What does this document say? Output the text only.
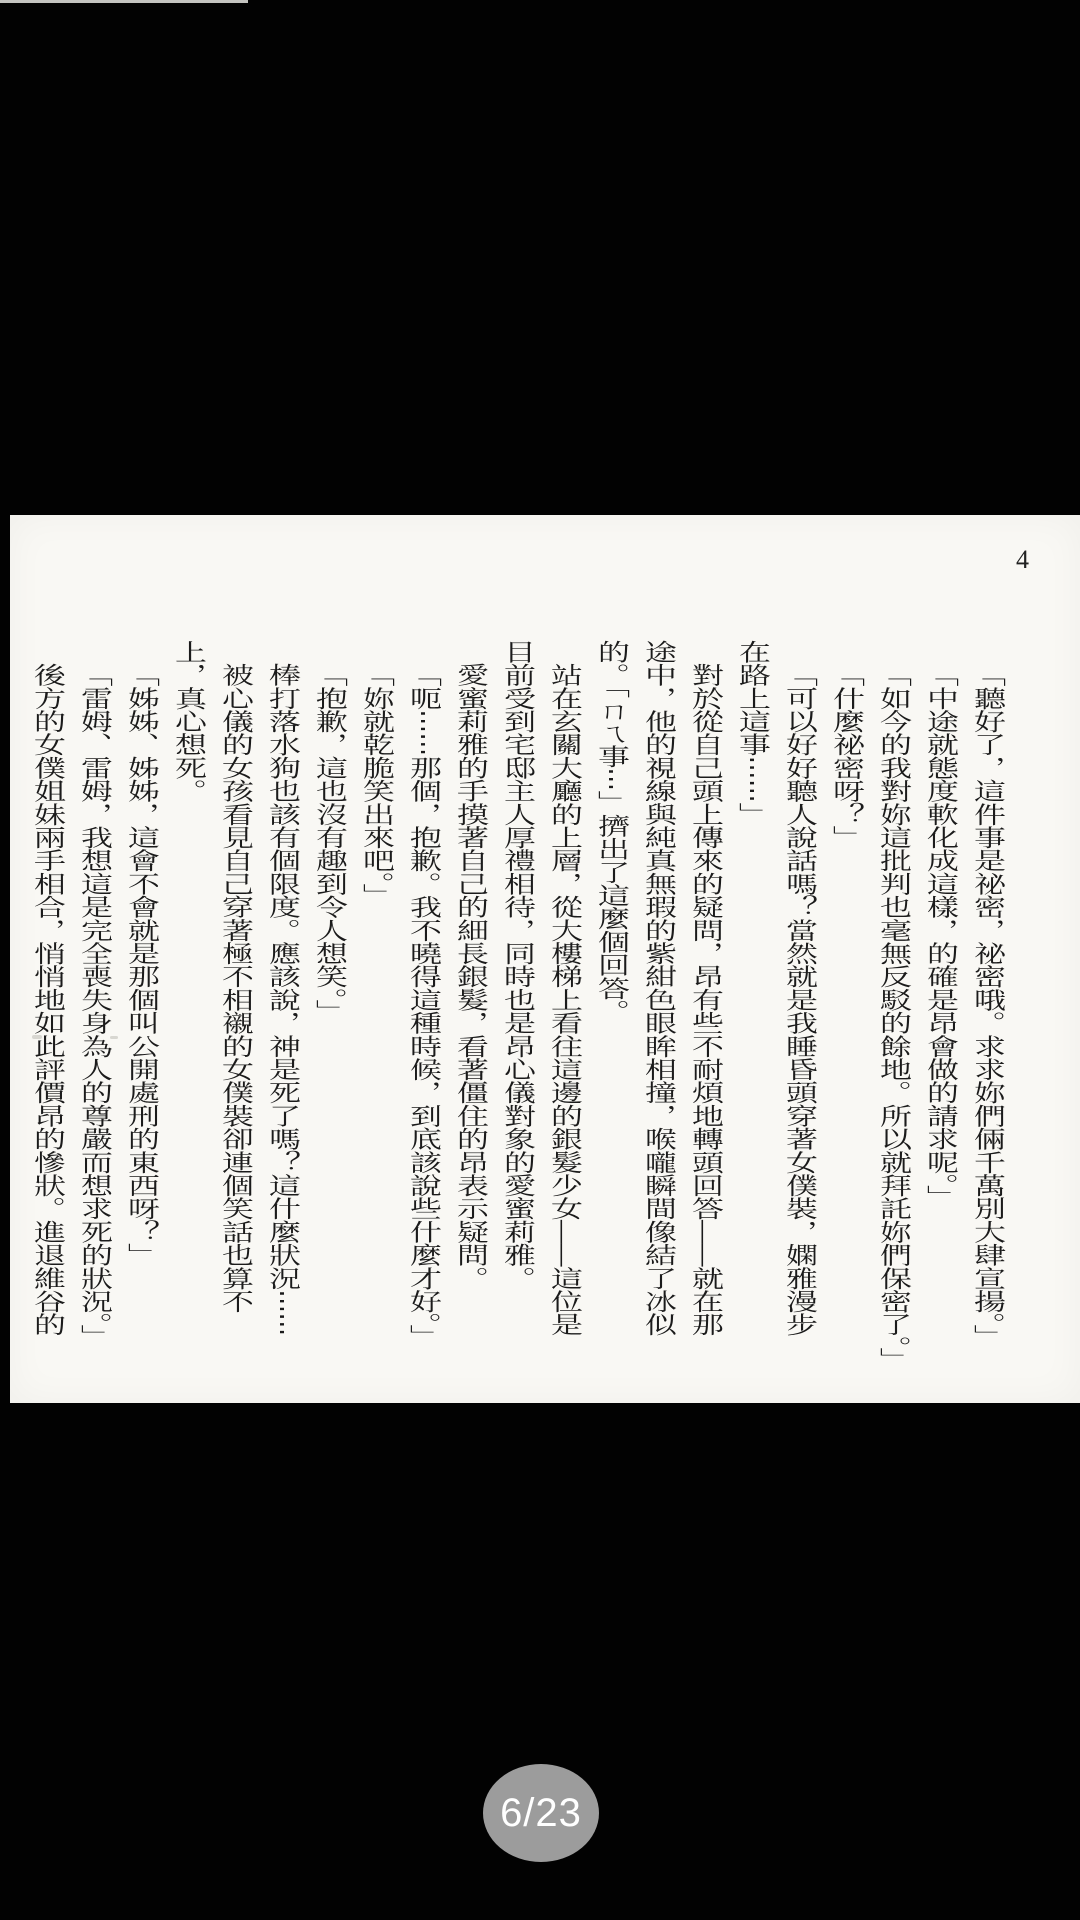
4
「聽好了，這件事是祕密，祕密哦。求求妳們倆千萬別大肆宣揚。」
「中途就態度軟化成這樣，的確是昂會做的請求呢。」
「如今的我對妳這批判也毫無反駁的餘地。所以就拜託妳們保密了。」
「什麼祕密呀？」
「可以好好聽人說話嗎？當然就是我睡昏頭穿著女僕裝，嫻雅漫步
在路上這事⋯⋯」
對於從自己頭上傳來的疑問，昂有些不耐煩地轉頭回答——就在那
途中，他的視線與純真無瑕的紫紺色眼眸相撞，喉嚨瞬間像結了冰似
的。「ㄇㄟ事⋯」擠出了這麼個回答。
站在玄關大廳的上層，從大樓梯上看往這邊的銀髮少女——這位是
目前受到宅邸主人厚禮相待，同時也是昂心儀對象的愛蜜莉雅。
愛蜜莉雅的手摸著自己的細長銀髮，看著僵住的昂表示疑問。
「呃⋯⋯那個，抱歉。我不曉得這種時候，到底該說些什麼才好。」
「妳就乾脆笑出來吧。」
「抱歉，這也沒有趣到令人想笑。」
棒打落水狗也該有個限度。應該說，神是死了嗎？這什麼狀況⋯⋯
被心儀的女孩看見自己穿著極不相襯的女僕裝卻連個笑話也算不
上，真心想死。
「姊姊、姊姊，這會不會就是那個叫公開處刑的東西呀？」
「雷姆、雷姆，我想這是完全喪失身為人的尊嚴而想求死的狀況。」
後方的女僕姐妹兩手相合，悄悄地如此評價昂的慘狀。進退維谷的
6/23
